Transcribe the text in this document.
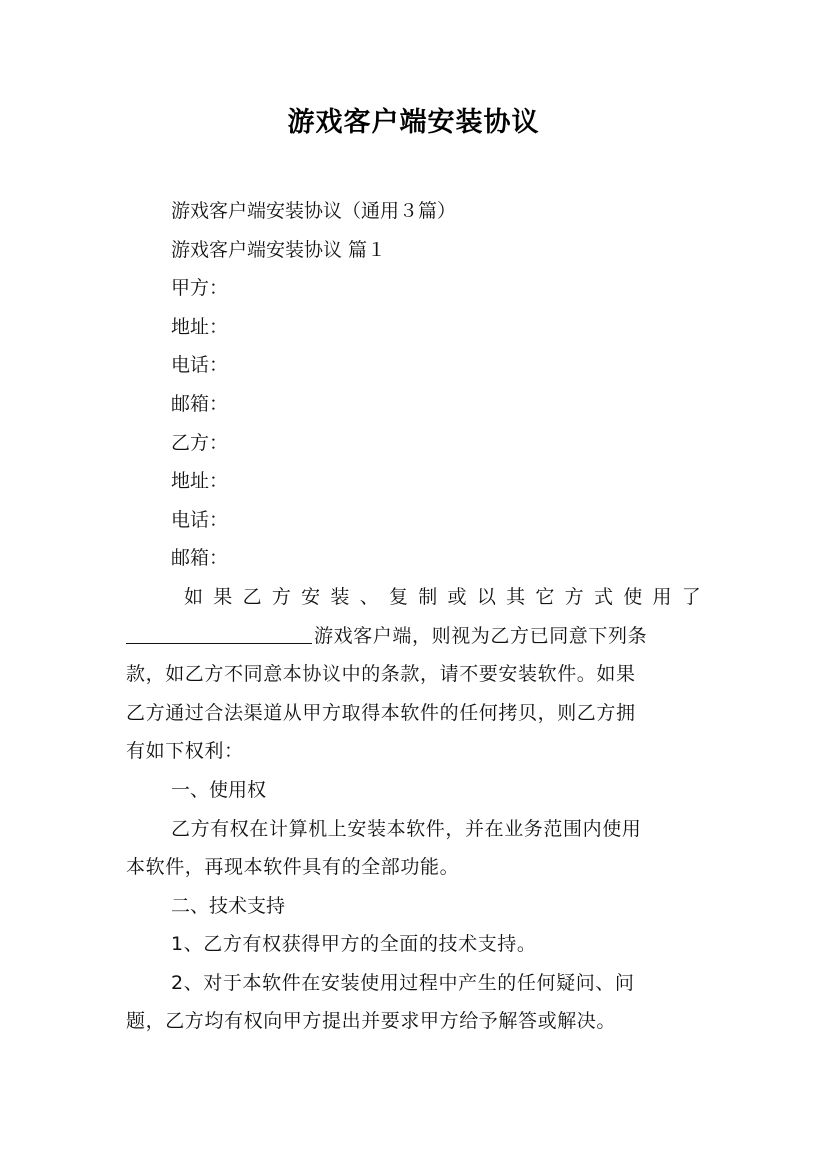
游戏客户端安装协议
游戏客户端安装协议（通用３篇）
游戏客户端安装协议 篇１
甲方：
地址：
电话：
邮箱：
乙方：
地址：
电话：
邮箱：
如 果 乙 方 安 装 、 复 制 或 以 其 它 方 式 使 用 了
游戏客户端，则视为乙方已同意下列条
款，如乙方不同意本协议中的条款，请不要安装软件。如果
乙方通过合法渠道从甲方取得本软件的任何拷贝，则乙方拥
有如下权利：
一、使用权
乙方有权在计算机上安装本软件，并在业务范围内使用
本软件，再现本软件具有的全部功能。
二、技术支持
1、乙方有权获得甲方的全面的技术支持。
2、对于本软件在安装使用过程中产生的任何疑问、问
题，乙方均有权向甲方提出并要求甲方给予解答或解决。
